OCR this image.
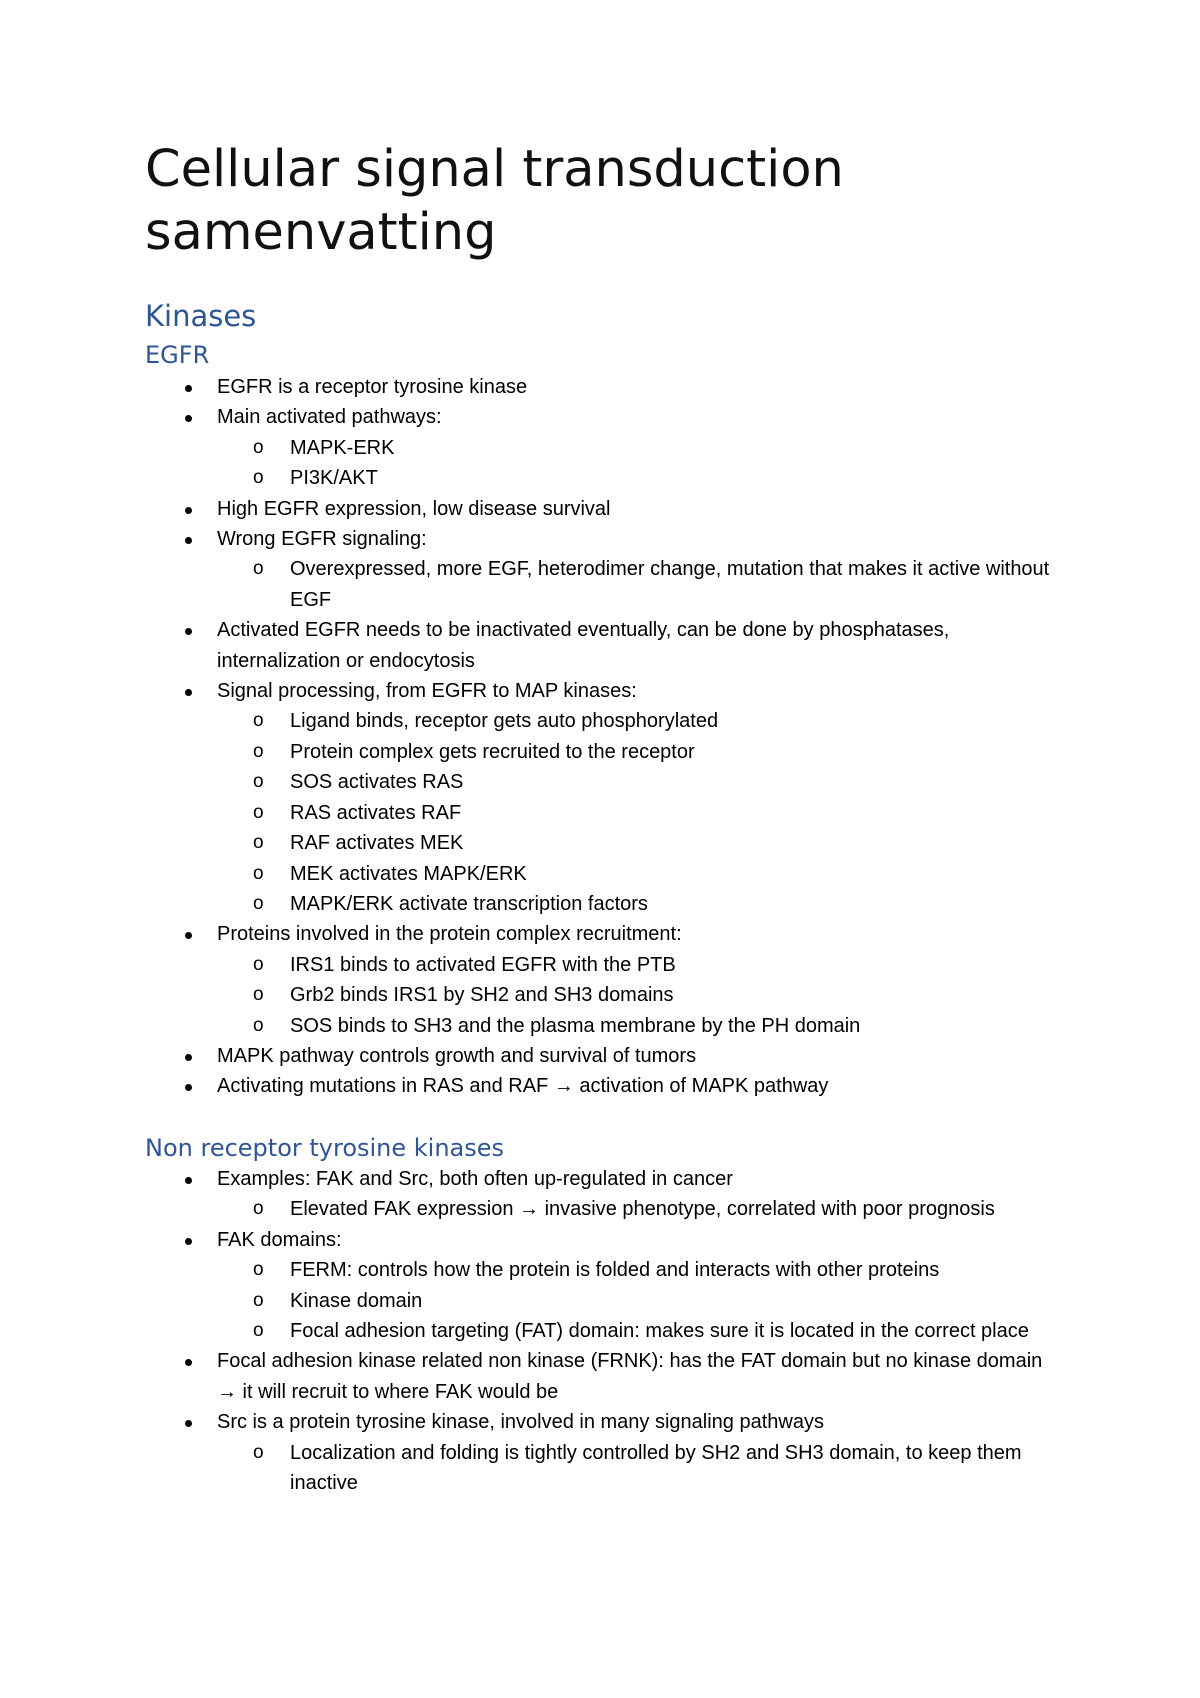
Cellular signal transduction samenvatting
Kinases
EGFR
EGFR is a receptor tyrosine kinase
Main activated pathways:
o MAPK-ERK
o PI3K/AKT
High EGFR expression, low disease survival
Wrong EGFR signaling:
o Overexpressed, more EGF, heterodimer change, mutation that makes it active without EGF
Activated EGFR needs to be inactivated eventually, can be done by phosphatases, internalization or endocytosis
Signal processing, from EGFR to MAP kinases:
o Ligand binds, receptor gets auto phosphorylated
o Protein complex gets recruited to the receptor
o SOS activates RAS
o RAS activates RAF
o RAF activates MEK
o MEK activates MAPK/ERK
o MAPK/ERK activate transcription factors
Proteins involved in the protein complex recruitment:
o IRS1 binds to activated EGFR with the PTB
o Grb2 binds IRS1 by SH2 and SH3 domains
o SOS binds to SH3 and the plasma membrane by the PH domain
MAPK pathway controls growth and survival of tumors
Activating mutations in RAS and RAF → activation of MAPK pathway
Non receptor tyrosine kinases
Examples: FAK and Src, both often up-regulated in cancer
o Elevated FAK expression → invasive phenotype, correlated with poor prognosis
FAK domains:
o FERM: controls how the protein is folded and interacts with other proteins
o Kinase domain
o Focal adhesion targeting (FAT) domain: makes sure it is located in the correct place
Focal adhesion kinase related non kinase (FRNK): has the FAT domain but no kinase domain → it will recruit to where FAK would be
Src is a protein tyrosine kinase, involved in many signaling pathways
o Localization and folding is tightly controlled by SH2 and SH3 domain, to keep them inactive
